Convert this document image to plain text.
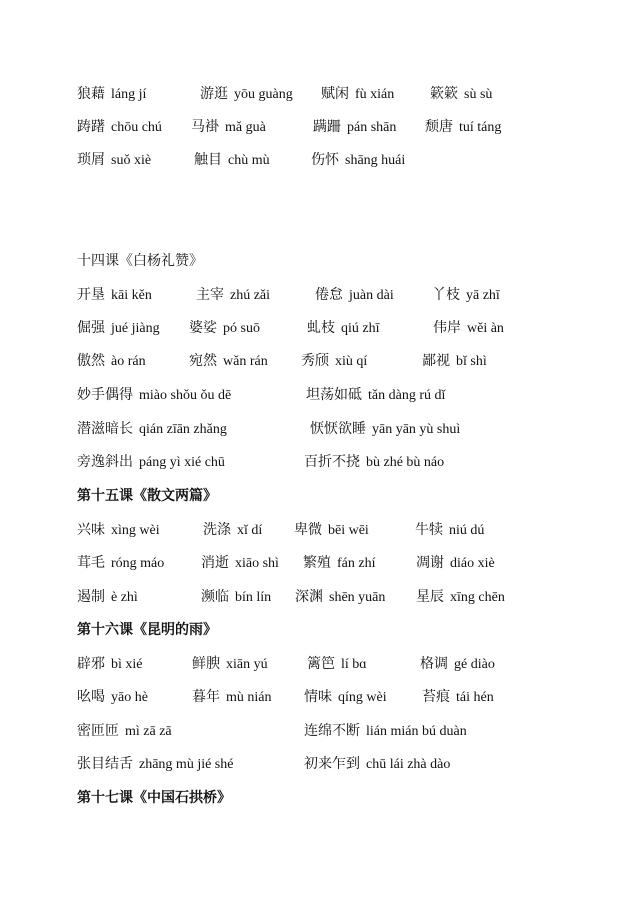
狼藉 láng jí	游逛 yōu guàng 赋闲 fù xián	簌簌 sù sù
踌躇 chōu chú 马褂 mǎ guà	蹒跚 pán shān 颓唐 tuí táng
琐屑 suǒ xiè	触目 chù mù	伤怀 shāng huái
十四课《白杨礼赞》
开垦 kāi kěn	主宰 zhú zǎi	倦怠 juàn dài	丫枝 yā zhī
倔强 jué jiàng 婆娑 pó suō	虬枝 qiú zhī	伟岸 wěi àn
傲然 ào rán	宛然 wǎn rán 秀颀 xiù qí	鄙视 bǐ shì
妙手偶得 miào shǒu ǒu dē	坦荡如砥 tǎn dàng rú dǐ
潜滋暗长 qián zīān zhǎng	恹恹欲睡 yān yān yù shuì
旁逸斜出 páng yì xié chū	百折不挠 bù zhé bù náo
第十五课《散文两篇》
兴味 xìng wèi	洗涤 xǐ dí 卑微 bēi wēi	牛犊 niú dú
茸毛 róng máo	消逝 xiāo shì 繁殖 fán zhí	凋谢 diáo xiè
遏制 è zhì	濒临 bín lín 深渊 shēn yuān 星辰 xīng chēn
第十六课《昆明的雨》
辟邪 bì xié	鲜腴 xiān yú	篱笆 lí bɑ	格调 gé diào
吆喝 yāo hè	暮年 mù nián 情味 qíng wèi	苔痕 tái hén
密匝匝 mì zā zā	连绵不断 lián mián bú duàn
张目结舌 zhāng mù jié shé	初来乍到 chū lái zhà dào
第十七课《中国石拱桥》
